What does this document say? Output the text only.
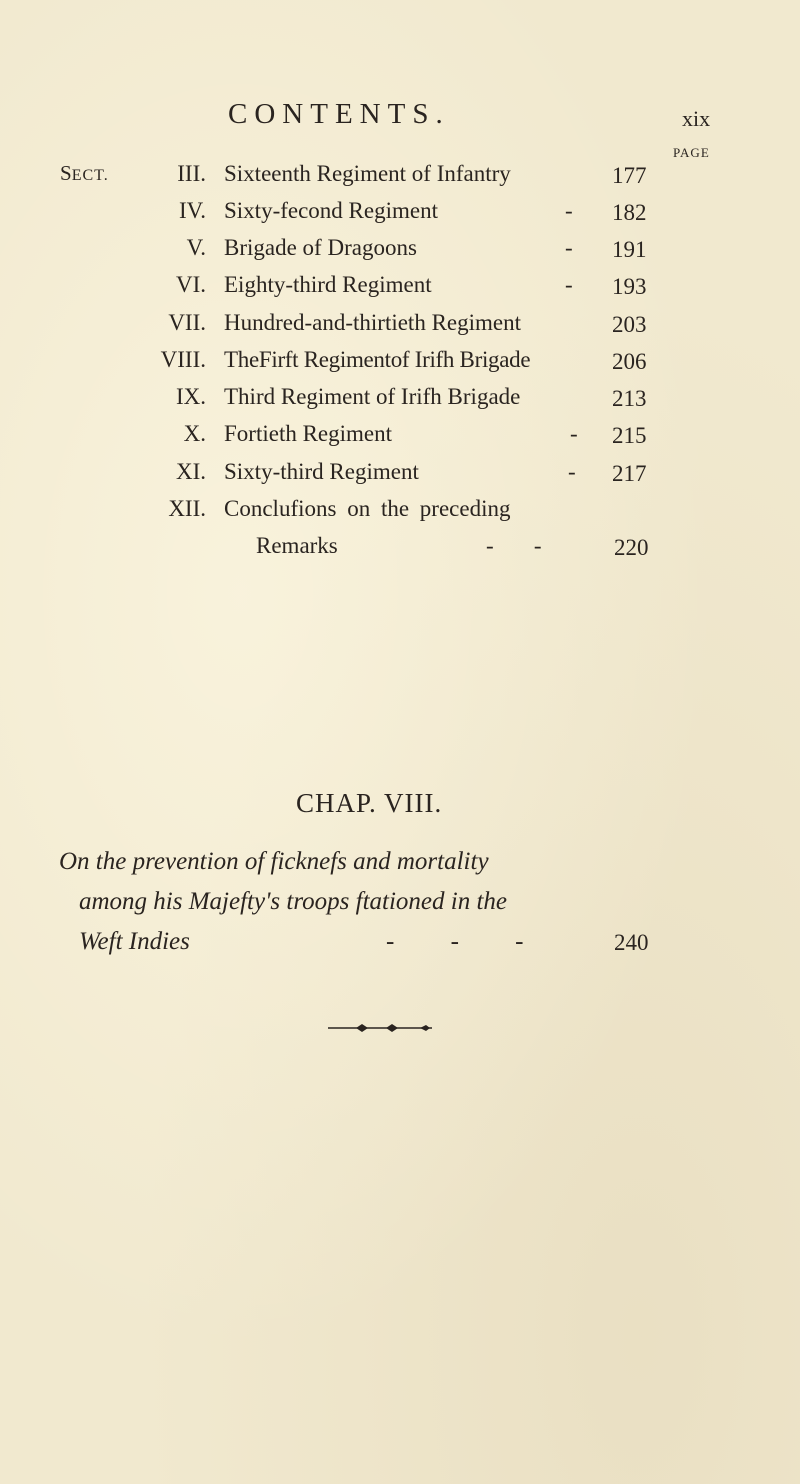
CONTENTS.	xix
PAGE
SECT.	III. Sixteenth Regiment of Infantry	177
IV. Sixty-fecond Regiment	- 182
V. Brigade of Dragoons	- 191
VI. Eighty-third Regiment	- 193
VII. Hundred-and-thirtieth Regiment	203
VIII. TheFirft Regimentof Irifh Brigade	206
IX. Third Regiment of Irifh Brigade	213
X. Fortieth Regiment	- 215
XI. Sixty-third Regiment	- 217
XII. Conclufions on the preceding
Remarks	-       -	220
CHAP. VIII.
On the prevention of ficknefs and mortality
among his Majefty's troops ftationed in the
Weft Indies	-         -         -	240
